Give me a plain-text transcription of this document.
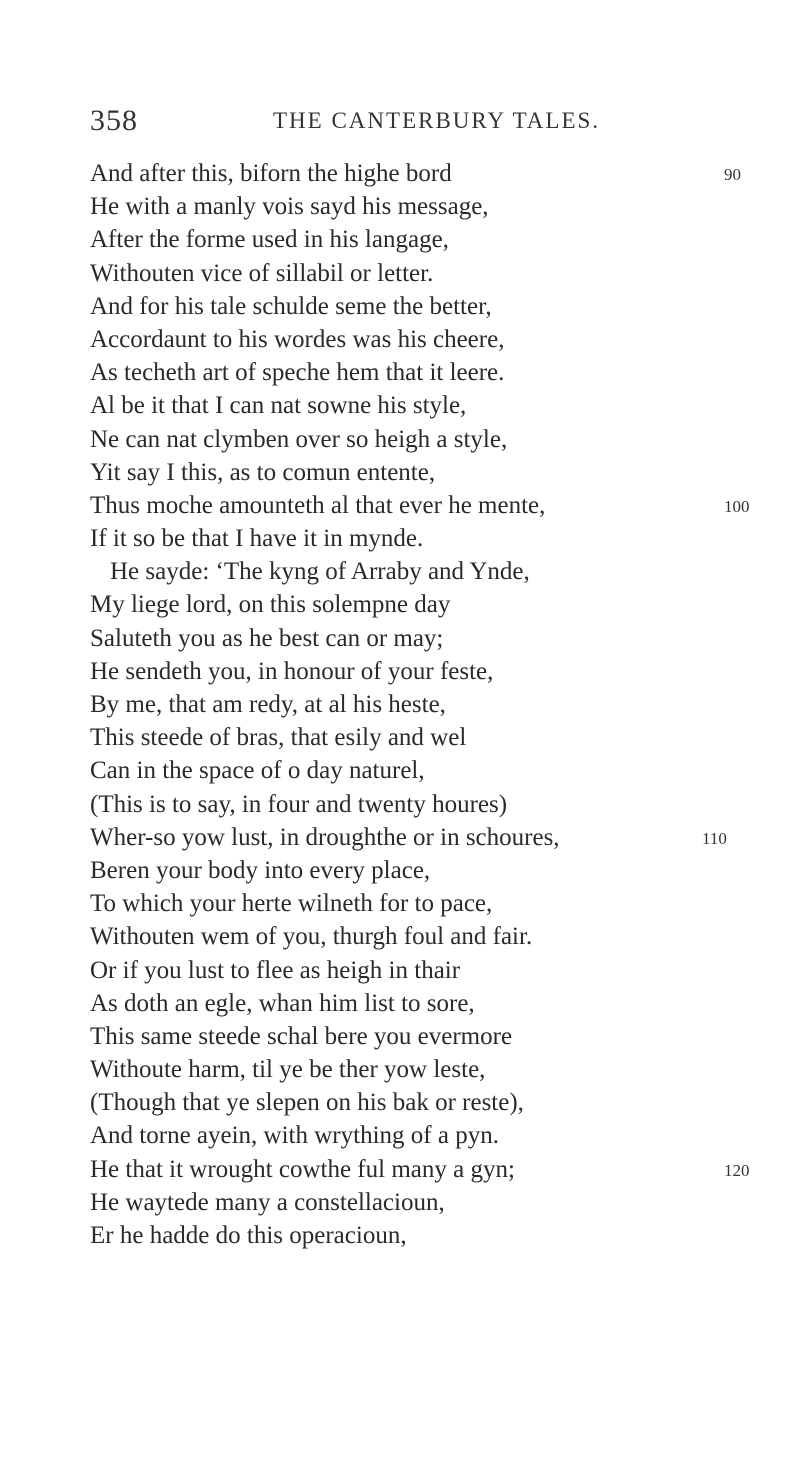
358	THE CANTERBURY TALES.
And after this, biforn the highe bord	90
He with a manly vois sayd his message,
After the forme used in his langage,
Withouten vice of sillabil or letter.
And for his tale schulde seme the better,
Accordaunt to his wordes was his cheere,
As techeth art of speche hem that it leere.
Al be it that I can nat sowne his style,
Ne can nat clymben over so heigh a style,
Yit say I this, as to comun entente,
Thus moche amounteth al that ever he mente,	100
If it so be that I have it in mynde.
He sayde: ‘The kyng of Arraby and Ynde,
My liege lord, on this solempne day
Saluteth you as he best can or may;
He sendeth you, in honour of your feste,
By me, that am redy, at al his heste,
This steede of bras, that esily and wel
Can in the space of o day naturel,
(This is to say, in four and twenty houres)
Wher-so yow lust, in droughthe or in schoures,	110
Beren your body into every place,
To which your herte wilneth for to pace,
Withouten wem of you, thurgh foul and fair.
Or if you lust to flee as heigh in thair
As doth an egle, whan him list to sore,
This same steede schal bere you evermore
Withoute harm, til ye be ther yow leste,
(Though that ye slepen on his bak or reste),
And torne ayein, with wrything of a pyn.
He that it wrought cowthe ful many a gyn;	120
He waytede many a constellacioun,
Er he hadde do this operacioun,
